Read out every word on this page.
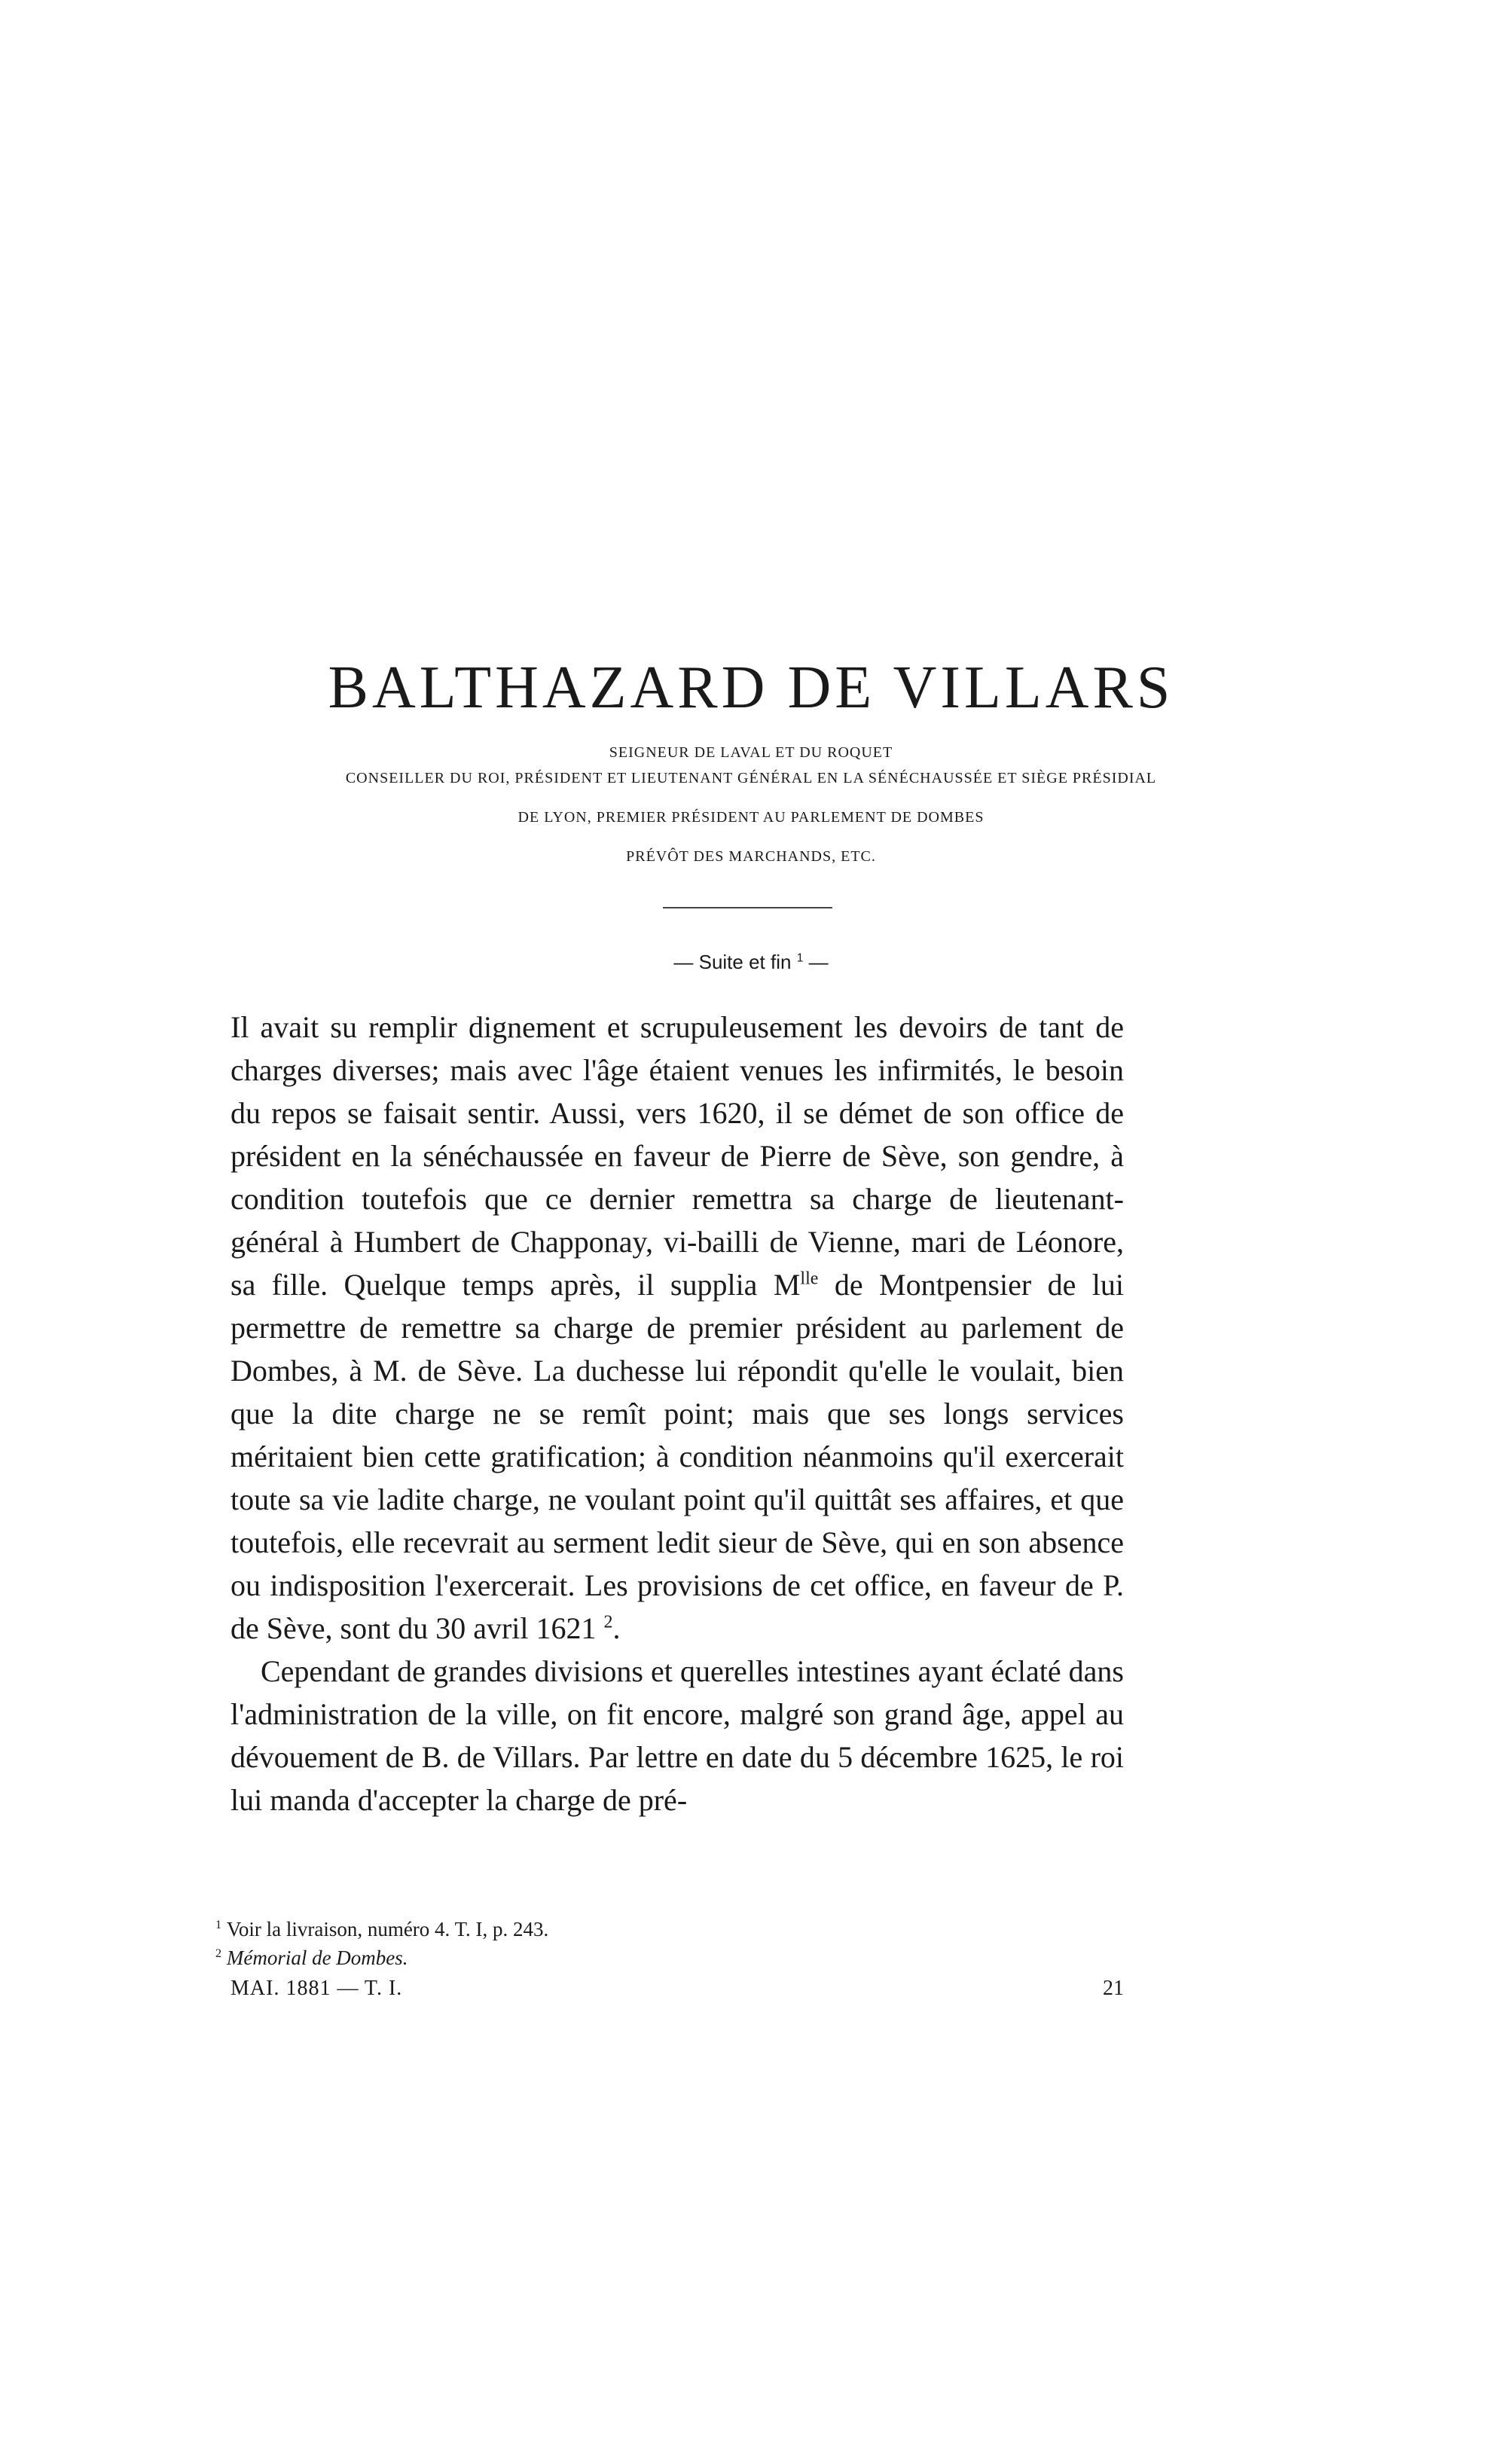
BALTHAZARD DE VILLARS

SEIGNEUR DE LAVAL ET DU ROQUET

CONSEILLER DU ROI, PRÉSIDENT ET LIEUTENANT GÉNÉRAL EN LA SÉNÉCHAUSSÉE ET SIÈGE PRÉSIDIAL

DE LYON, PREMIER PRÉSIDENT AU PARLEMENT DE DOMBES

PRÉVÔT DES MARCHANDS, ETC.

— Suite et fin $^1$ —

Il avait su remplir dignement et scrupuleusement les devoirs de tant de charges diverses; mais avec l'âge étaient venues les infirmités, le besoin du repos se faisait sentir. Aussi, vers 1620, il se démet de son office de président en la sénéchaussée en faveur de Pierre de Sève, son gendre, à condition toutefois que ce dernier remettra sa charge de lieutenant-général à Humbert de Chapponay, vi-bailli de Vienne, mari de Léonore, sa fille. Quelque temps après, il supplia $M^{lle}$ de Montpensier de lui permettre de remettre sa charge de premier président au parlement de Dombes, à M. de Sève. La duchesse lui répondit qu'elle le voulait, bien que la dite charge ne se remît point; mais que ses longs services méritaient bien cette gratification; à condition néanmoins qu'il exercerait toute sa vie ladite charge, ne voulant point qu'il quittât ses affaires, et que toutefois, elle recevrait au serment ledit sieur de Sève, qui en son absence ou indisposition l'exercerait. Les provisions de cet office, en faveur de P. de Sève, sont du 30 avril 1621 $^2$.

Cependant de grandes divisions et querelles intestines ayant éclaté dans l'administration de la ville, on fit encore, malgré son grand âge, appel au dévouement de B. de Villars. Par lettre en date du 5 décembre 1625, le roi lui manda d'accepter la charge de pré-

$^1$ Voir la livraison, numéro 4. T. I, p. 243.

$^2$ Mémorial de Dombes.

MAI. 1881 — T. I.	21
